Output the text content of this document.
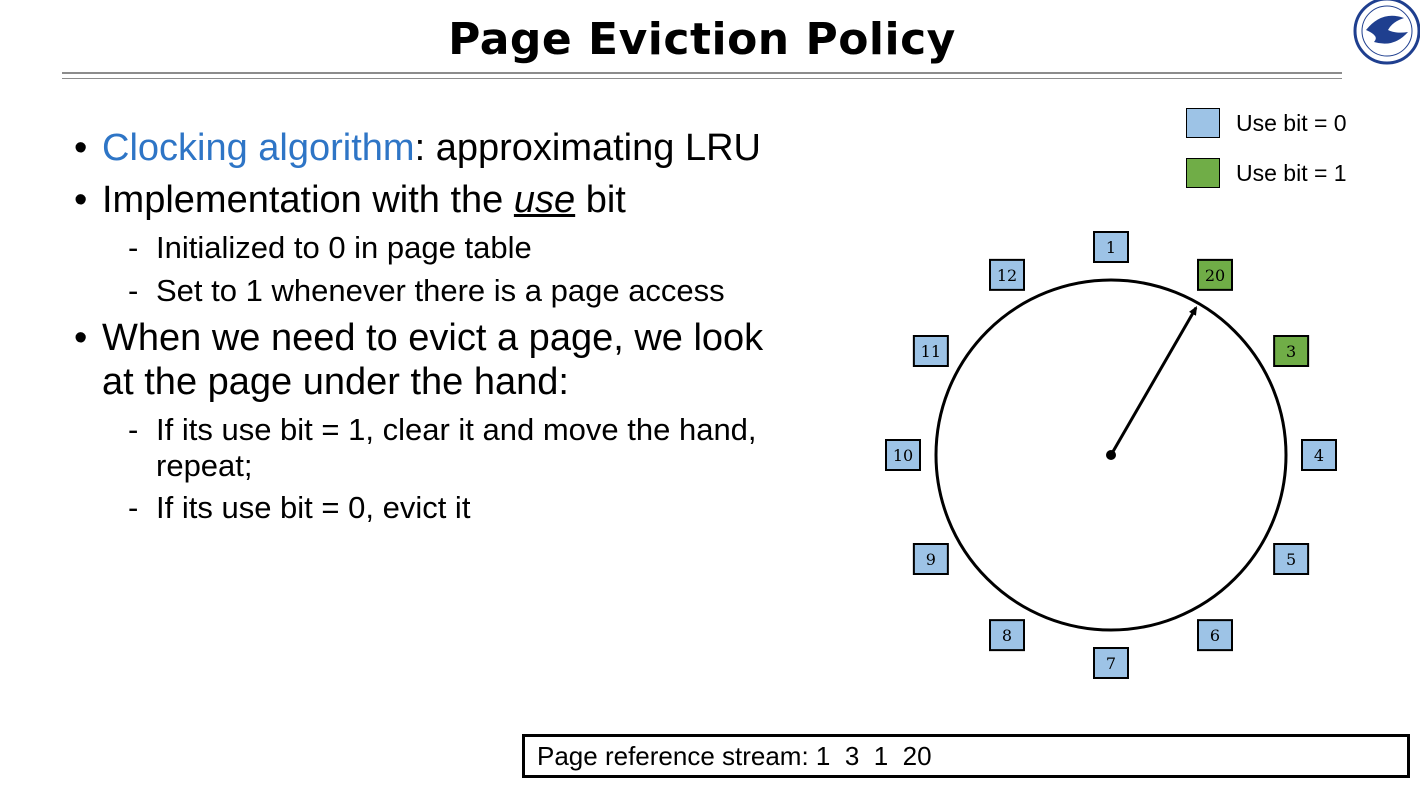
Page Eviction Policy
• Clocking algorithm: approximating LRU
• Implementation with the use bit
- Initialized to 0 in page table
- Set to 1 whenever there is a page access
• When we need to evict a page, we look
at the page under the hand:
- If its use bit = 1, clear it and move the hand,
repeat;
- If its use bit = 0, evict it
Use bit = 0
Use bit = 1
1
20
3
4
5
6
7
8
9
10
11
12
Page reference stream: 1  3  1  20
